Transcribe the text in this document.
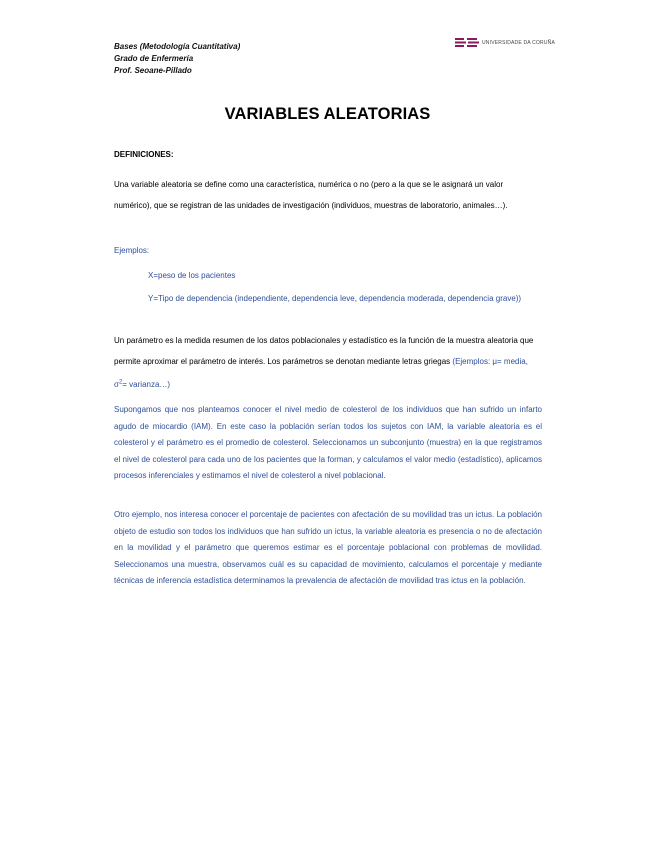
Bases (Metodología Cuantitativa)
Grado de Enfermería
Prof. Seoane-Pillado
UNIVERSIDADE DA CORUÑA
VARIABLES ALEATORIAS
DEFINICIONES:
Una variable aleatoria se define como una característica, numérica o no (pero a la que se le asignará un valor numérico), que se registran de las unidades de investigación (individuos, muestras de laboratorio, animales…).
Ejemplos:
X=peso de los pacientes
Y=Tipo de dependencia (independiente, dependencia leve, dependencia moderada, dependencia grave))
Un parámetro es la medida resumen de los datos poblacionales y estadístico es la función de la muestra aleatoria que permite aproximar el parámetro de interés. Los parámetros se denotan mediante letras griegas (Ejemplos: μ= media, $\sigma^2=$ varianza…)
Supongamos que nos planteamos conocer el nivel medio de colesterol de los individuos que han sufrido un infarto agudo de miocardio (IAM). En este caso la población serían todos los sujetos con IAM, la variable aleatoria es el colesterol y el parámetro es el promedio de colesterol. Seleccionamos un subconjunto (muestra) en la que registramos el nivel de colesterol para cada uno de los pacientes que la forman, y calculamos el valor medio (estadístico), aplicamos procesos inferenciales y estimamos el nivel de colesterol a nivel poblacional.
Otro ejemplo, nos interesa conocer el porcentaje de pacientes con afectación de su movilidad tras un ictus. La población objeto de estudio son todos los individuos que han sufrido un ictus, la variable aleatoria es presencia o no de afectación en la movilidad y el parámetro que queremos estimar es el porcentaje poblacional con problemas de movilidad. Seleccionamos una muestra, observamos cuál es su capacidad de movimiento, calculamos el porcentaje y mediante técnicas de inferencia estadística determinamos la prevalencia de afectación de movilidad tras ictus en la población.
